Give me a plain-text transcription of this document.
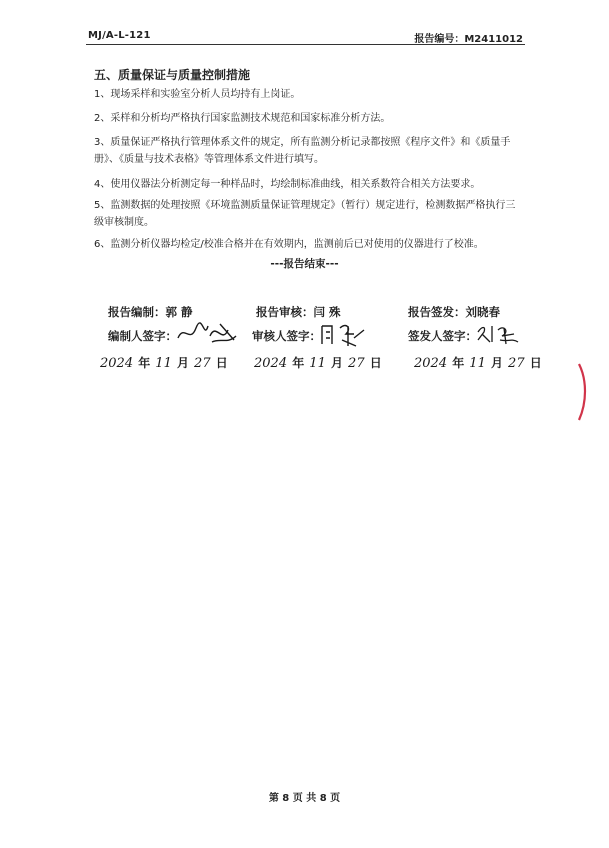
MJ/A-L-121	报告编号：M2411012
五、质量保证与质量控制措施
1、现场采样和实验室分析人员均持有上岗证。
2、采样和分析均严格执行国家监测技术规范和国家标准分析方法。
3、质量保证严格执行管理体系文件的规定，所有监测分析记录都按照《程序文件》和《质量手册》、《质量与技术表格》等管理体系文件进行填写。
4、使用仪器法分析测定每一种样品时，均绘制标准曲线，相关系数符合相关方法要求。
5、监测数据的处理按照《环境监测质量保证管理规定》（暂行）规定进行，检测数据严格执行三级审核制度。
6、监测分析仪器均检定/校准合格并在有效期内，监测前后已对使用的仪器进行了校准。
---报告结束---
报告编制：郭 静
编制人签字：
2024 年 11 月 27 日
报告审核：闫 殊
审核人签字：
2024 年 11 月 27 日
报告签发：刘晓春
签发人签字：
2024 年 11 月 27 日
第 8 页 共 8 页
